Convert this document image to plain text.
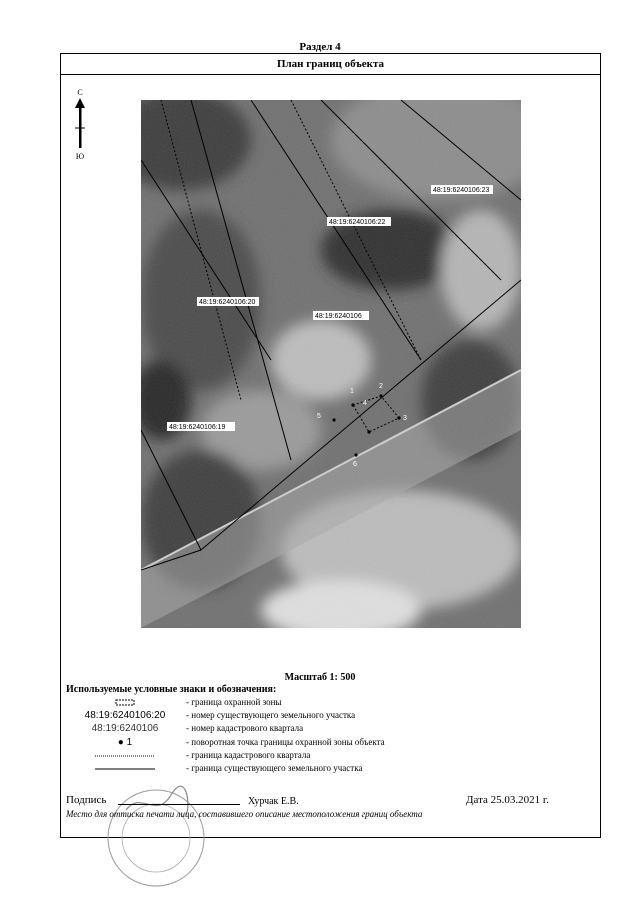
Раздел 4
План границ объекта
С
Ю
48:19:6240106:23
48:19:6240106:22
48:19:6240106:20
48:19:6240106
48:19:6240106:19
1
2
3
4
5
6
Масштаб 1: 500
Используемые условные знаки и обозначения:
- граница охранной зоны
48:19:6240106:20	- номер существующего земельного участка
48:19:6240106	- номер кадастрового квартала
● 1	- поворотная точка границы охранной зоны объекта
- граница кадастрового квартала
- граница существующего земельного участка
Подпись	Хурчак Е.В.	Дата 25.03.2021 г.
Место для оттиска печати лица, составившего описание местоположения границ объекта
